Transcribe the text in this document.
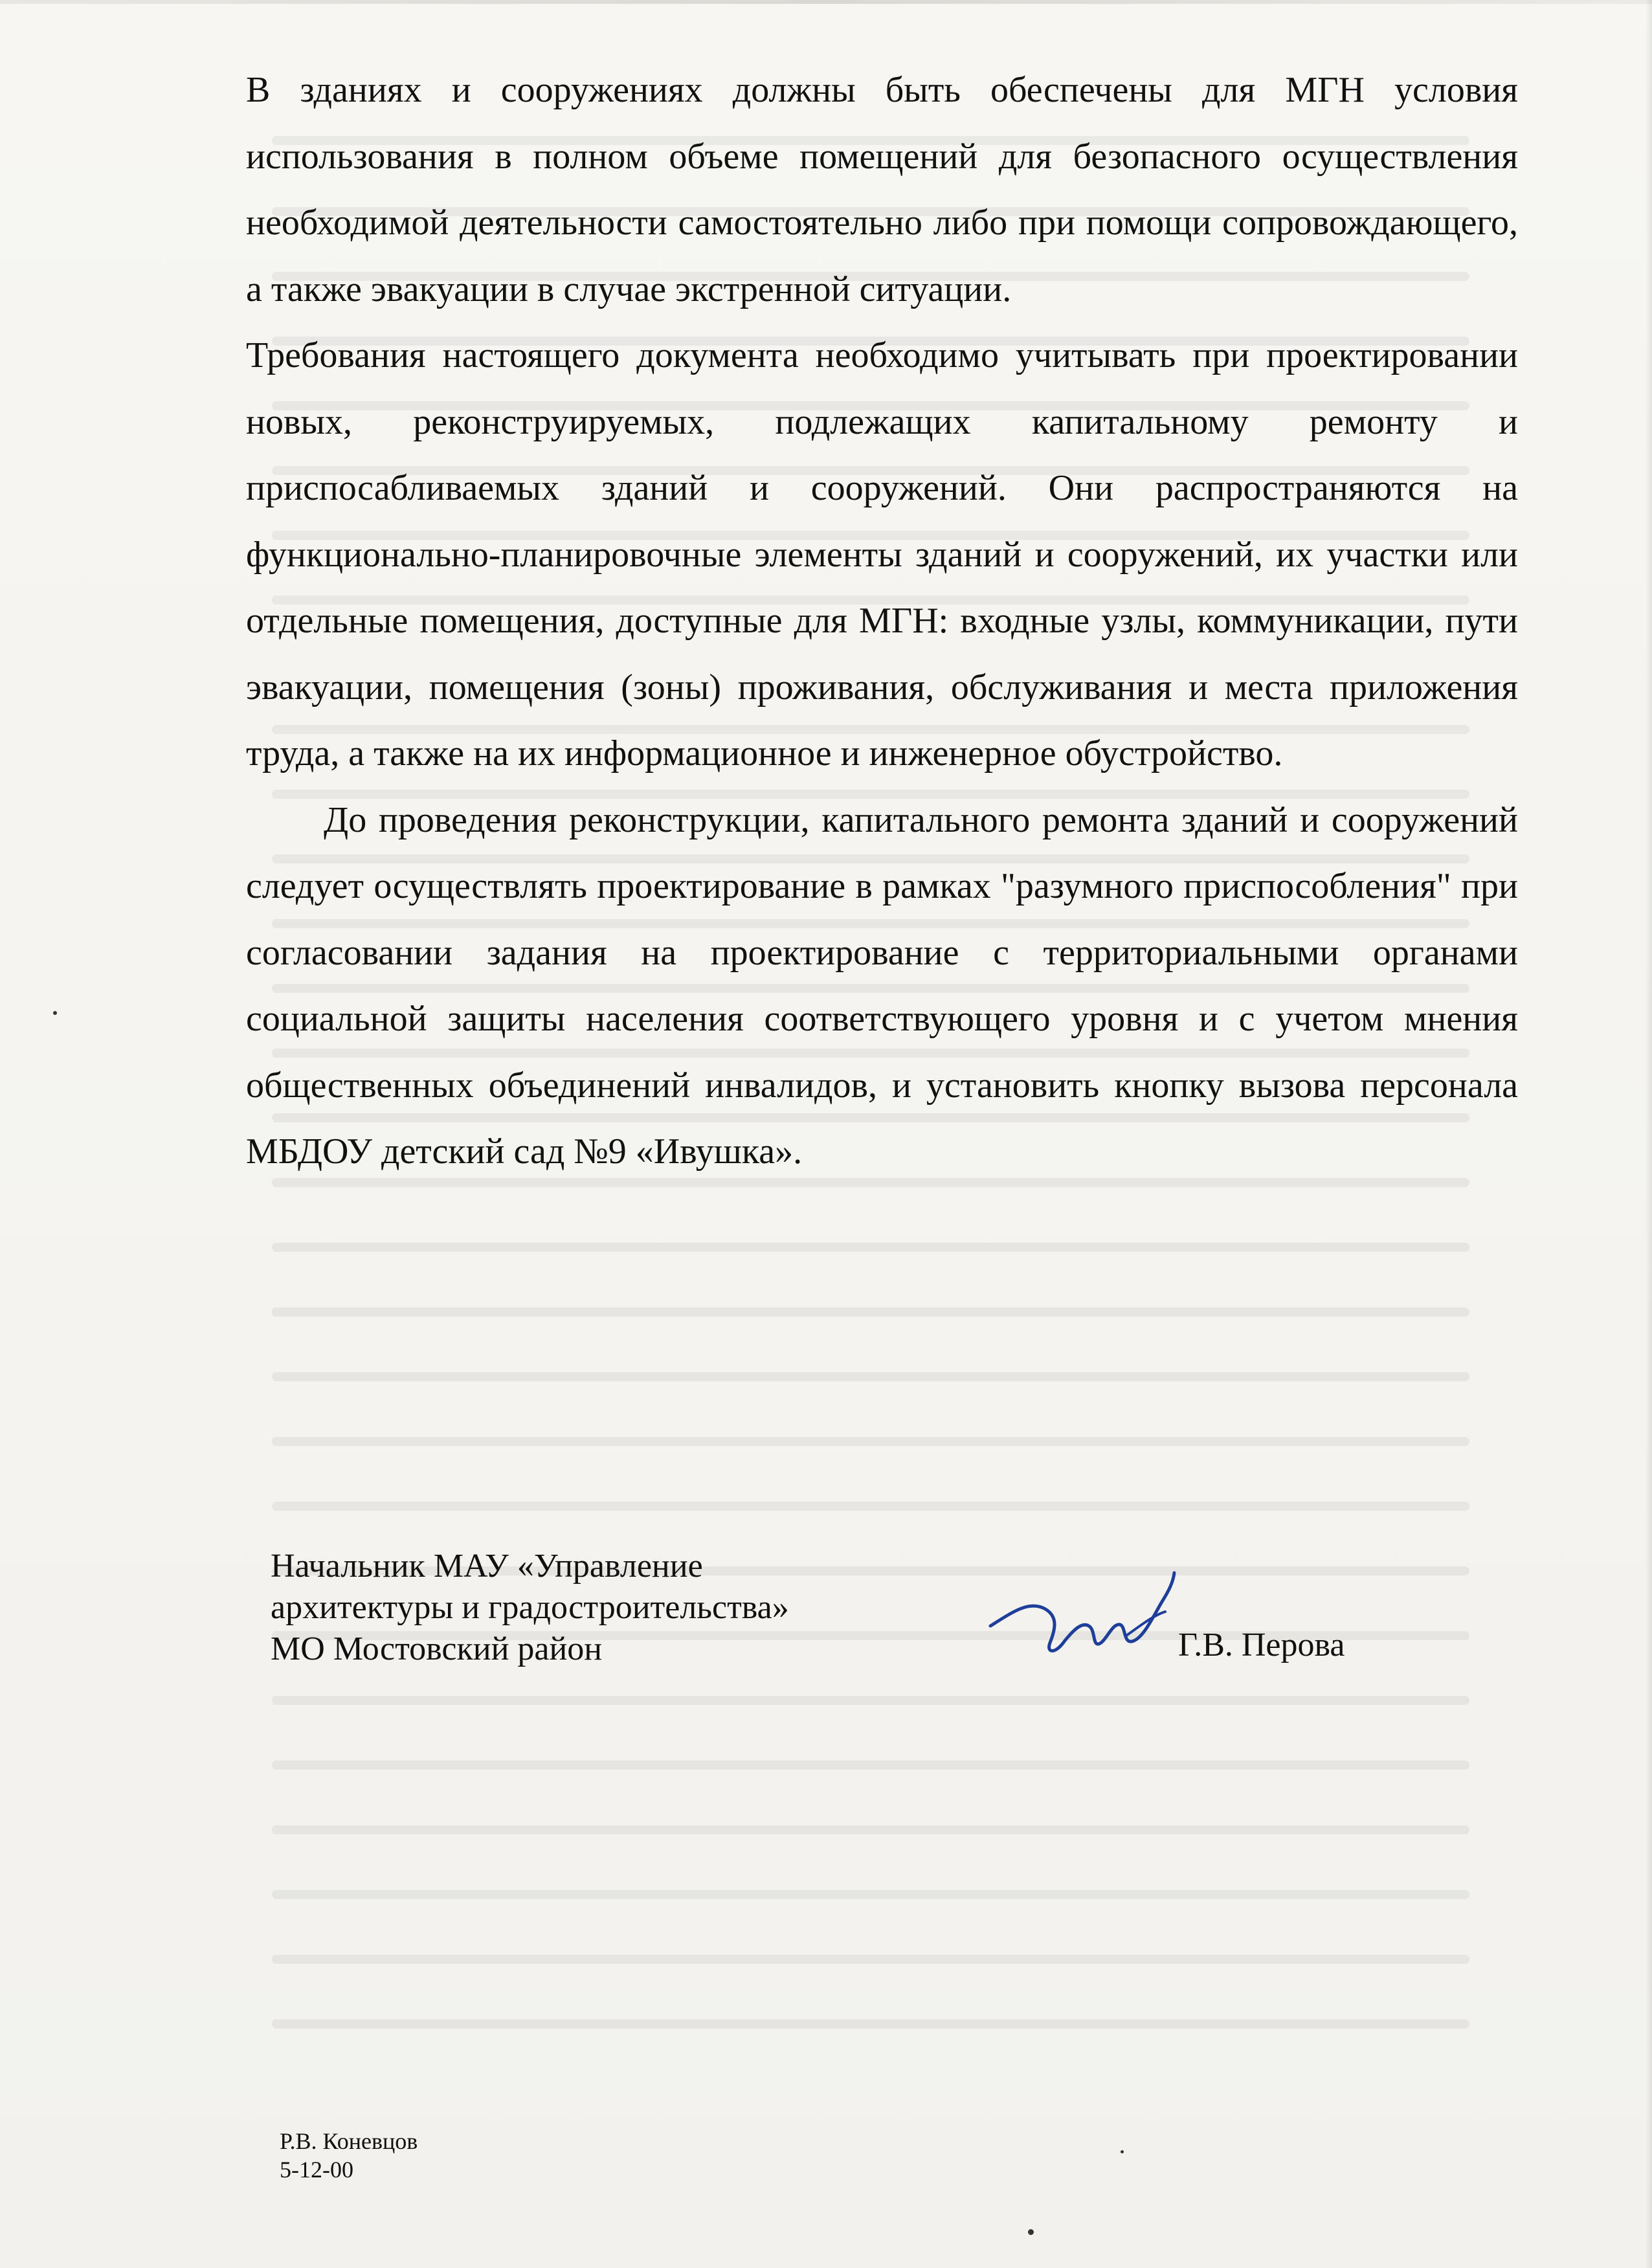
В зданиях и сооружениях должны быть обеспечены для МГН условия использования в полном объеме помещений для безопасного осуществления необходимой деятельности самостоятельно либо при помощи сопровождающего, а также эвакуации в случае экстренной ситуации.

Требования настоящего документа необходимо учитывать при проектировании новых, реконструируемых, подлежащих капитальному ремонту и приспосабливаемых зданий и сооружений. Они распространяются на функционально-планировочные элементы зданий и сооружений, их участки или отдельные помещения, доступные для МГН: входные узлы, коммуникации, пути эвакуации, помещения (зоны) проживания, обслуживания и места приложения труда, а также на их информационное и инженерное обустройство.

До проведения реконструкции, капитального ремонта зданий и сооружений следует осуществлять проектирование в рамках "разумного приспособления" при согласовании задания на проектирование с территориальными органами социальной защиты населения соответствующего уровня и с учетом мнения общественных объединений инвалидов, и установить кнопку вызова персонала МБДОУ детский сад №9 «Ивушка».

Начальник МАУ «Управление
архитектуры и градостроительства»
МО Мостовский район	Г.В. Перова
Р.В. Коневцов
5-12-00
